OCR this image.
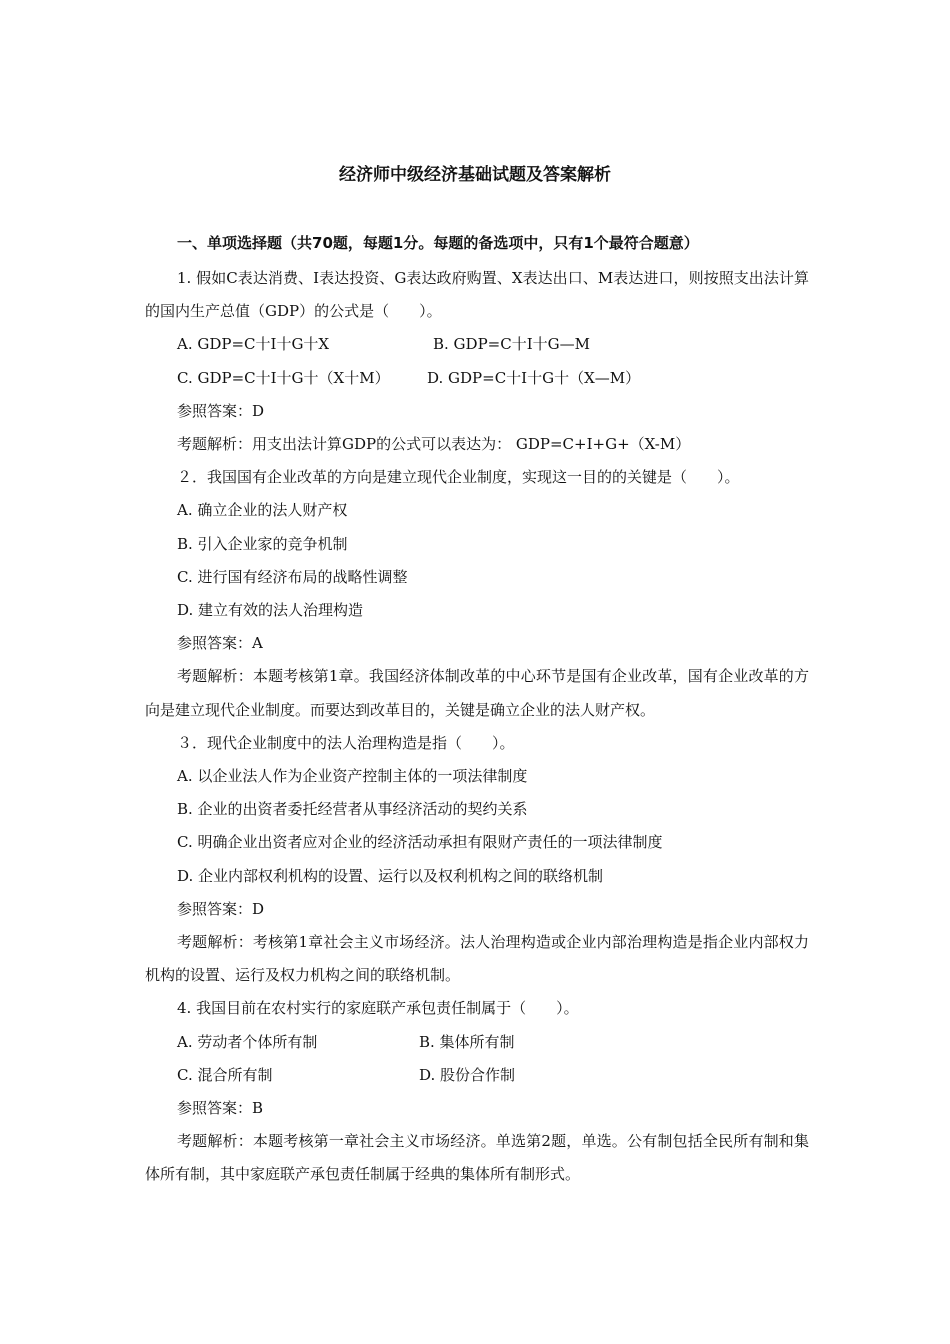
经济师中级经济基础试题及答案解析
一、单项选择题（共70题，每题1分。每题的备选项中，只有1个最符合题意）
1. 假如C表达消费、I表达投资、G表达政府购置、X表达出口、M表达进口，则按照支出法计算的国内生产总值（GDP）的公式是（　　）。
A. GDP=C十I十G十X	B. GDP=C十I十G—M
C. GDP=C十I十G十（X十M） D. GDP=C十I十G十（X—M）
参照答案：D
考题解析：用支出法计算GDP的公式可以表达为： GDP=C+I+G+（X-M）
２．我国国有企业改革的方向是建立现代企业制度，实现这一目的的关键是（　　）。
A. 确立企业的法人财产权
B. 引入企业家的竞争机制
C. 进行国有经济布局的战略性调整
D. 建立有效的法人治理构造
参照答案：A
考题解析：本题考核第1章。我国经济体制改革的中心环节是国有企业改革，国有企业改革的方向是建立现代企业制度。而要达到改革目的，关键是确立企业的法人财产权。
３．现代企业制度中的法人治理构造是指（　　）。
A. 以企业法人作为企业资产控制主体的一项法律制度
B. 企业的出资者委托经营者从事经济活动的契约关系
C. 明确企业出资者应对企业的经济活动承担有限财产责任的一项法律制度
D. 企业内部权利机构的设置、运行以及权利机构之间的联络机制
参照答案：D
考题解析：考核第1章社会主义市场经济。法人治理构造或企业内部治理构造是指企业内部权力机构的设置、运行及权力机构之间的联络机制。
4. 我国目前在农村实行的家庭联产承包责任制属于（　　）。
A. 劳动者个体所有制	B. 集体所有制
C. 混合所有制	D. 股份合作制
参照答案：B
考题解析：本题考核第一章社会主义市场经济。单选第2题，单选。公有制包括全民所有制和集体所有制，其中家庭联产承包责任制属于经典的集体所有制形式。
